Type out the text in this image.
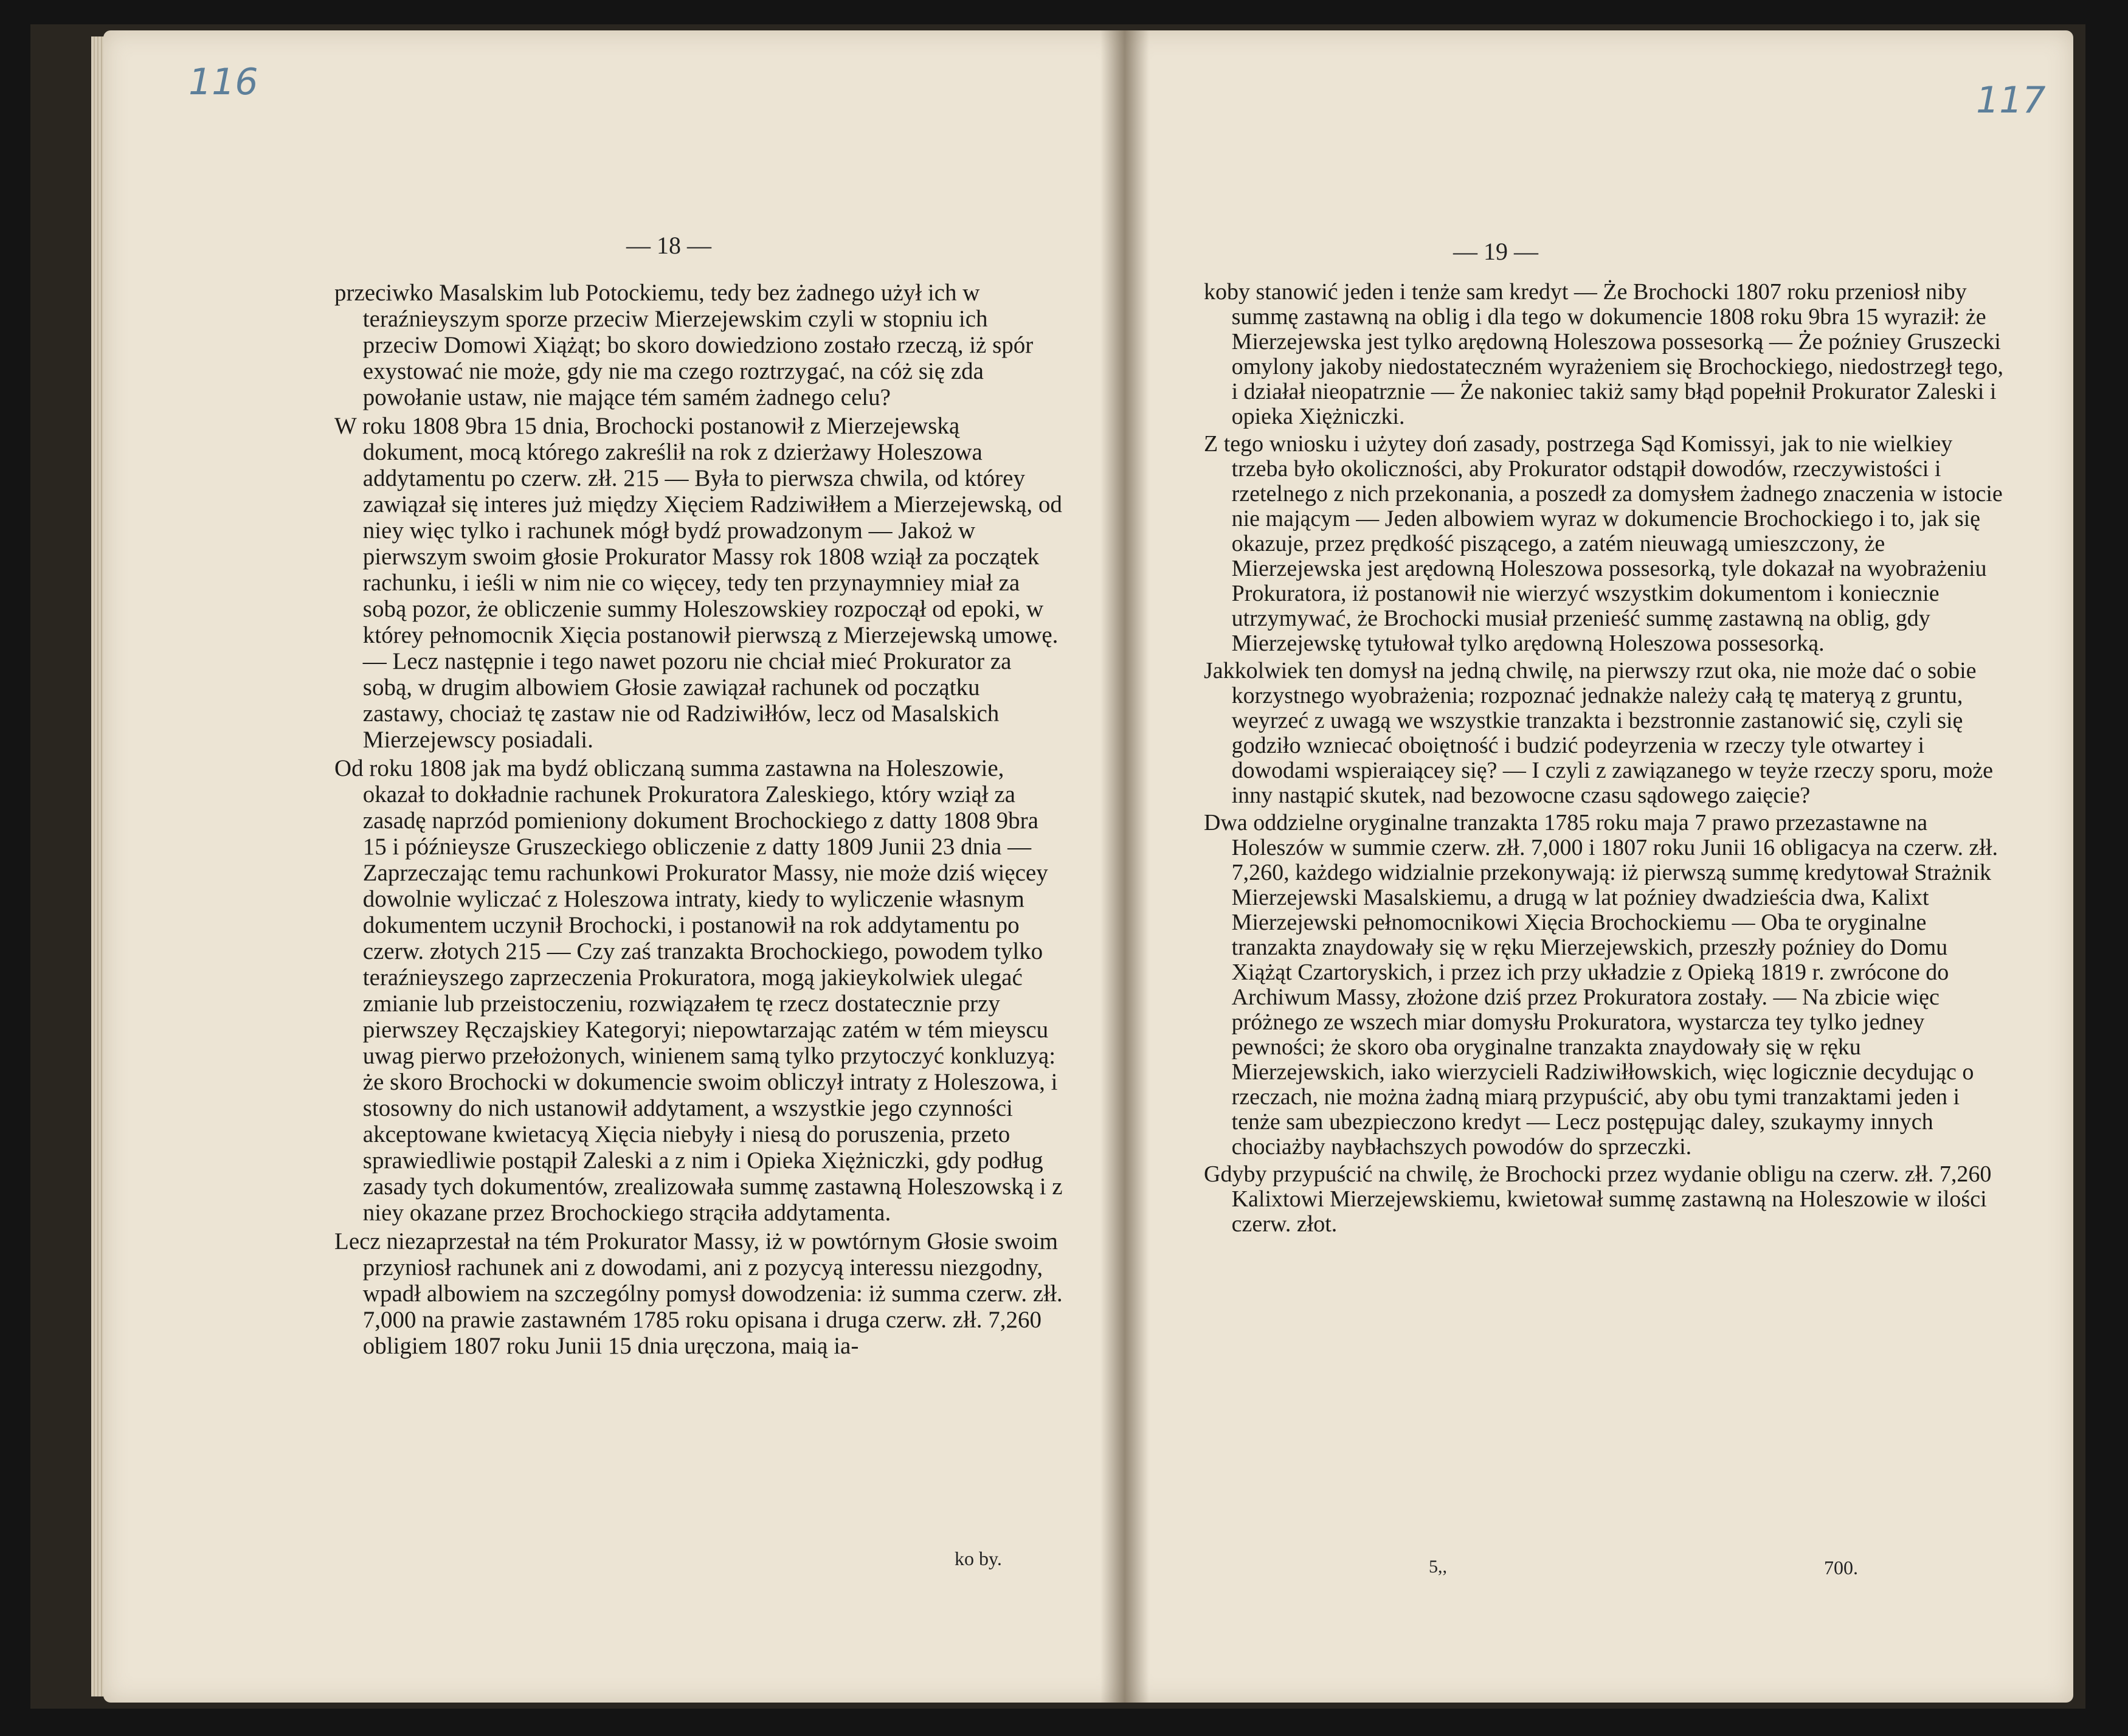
116
— 18 —

przeciwko Masalskim lub Potockiemu, tedy bez żadnego użył ich w teraźnieyszym sporze przeciw Mierzejewskim czyli w stopniu ich przeciw Domowi Xiążąt; bo skoro dowiedziono zostało rzeczą, iż spór exystować nie może, gdy nie ma czego roztrzygać, na cóż się zda powołanie ustaw, nie mające tém samém żadnego celu?

W roku 1808 9bra 15 dnia, Brochocki postanowił z Mierzejewską dokument, mocą którego zakreślił na rok z dzierżawy Holeszowa addytamentu po czerw. złł. 215 — Była to pierwsza chwila, od którey zawiązał się interes już między Xięciem Radziwiłłem a Mierzejewską, od niey więc tylko i rachunek mógł bydź prowadzonym — Jakoż w pierwszym swoim głosie Prokurator Massy rok 1808 wziął za początek rachunku, i ieśli w nim nie co więcey, tedy ten przynaymniey miał za sobą pozor, że obliczenie summy Holeszowskiey rozpoczął od epoki, w którey pełnomocnik Xięcia postanowił pierwszą z Mierzejewską umowę. — Lecz następnie i tego nawet pozoru nie chciał mieć Prokurator za sobą, w drugim albowiem Głosie zawiązał rachunek od początku zastawy, chociaż tę zastaw nie od Radziwiłłów, lecz od Masalskich Mierzejewscy posiadali.

Od roku 1808 jak ma bydź obliczaną summa zastawna na Holeszowie, okazał to dokładnie rachunek Prokuratora Zaleskiego, który wziął za zasadę naprzód pomieniony dokument Brochockiego z datty 1808 9bra 15 i późnieysze Gruszeckiego obliczenie z datty 1809 Junii 23 dnia — Zaprzeczając temu rachunkowi Prokurator Massy, nie może dziś więcey dowolnie wyliczać z Holeszowa intraty, kiedy to wyliczenie własnym dokumentem uczynił Brochocki, i postanowił na rok addytamentu po czerw. złotych 215 — Czy zaś tranzakta Brochockiego, powodem tylko teraźnieyszego zaprzeczenia Prokuratora, mogą jakieykolwiek ulegać zmianie lub przeistoczeniu, rozwiązałem tę rzecz dostatecznie przy pierwszey Ręczajskiey Kategoryi; niepowtarzając zatém w tém mieyscu uwag pierwo przełożonych, winienem samą tylko przytoczyć konkluzyą: że skoro Brochocki w dokumencie swoim obliczył intraty z Holeszowa, i stosowny do nich ustanowił addytament, a wszystkie jego czynności akceptowane kwietacyą Xięcia niebyły i niesą do poruszenia, przeto sprawiedliwie postąpił Zaleski a z nim i Opieka Xiężniczki, gdy podług zasady tych dokumentów, zrealizowała summę zastawną Holeszowską i z niey okazane przez Brochockiego strąciła addytamenta.

Lecz niezaprzestał na tém Prokurator Massy, iż w powtórnym Głosie swoim przyniosł rachunek ani z dowodami, ani z pozycyą interessu niezgodny, wpadł albowiem na szczególny pomysł dowodzenia: iż summa czerw. złł. 7,000 na prawie zastawném 1785 roku opisana i druga czerw. złł. 7,260 obligiem 1807 roku Junii 15 dnia uręczona, maią ia-

ko by.
117
— 19 —

koby stanowić jeden i tenże sam kredyt — Że Brochocki 1807 roku przeniosł niby summę zastawną na oblig i dla tego w dokumencie 1808 roku 9bra 15 wyraził: że Mierzejewska jest tylko arędowną Holeszowa possesorką — Że poźniey Gruszecki omylony jakoby niedostateczném wyrażeniem się Brochockiego, niedostrzegł tego, i działał nieopatrznie — Że nakoniec takiż samy błąd popełnił Prokurator Zaleski i opieka Xiężniczki.

Z tego wniosku i użytey doń zasady, postrzega Sąd Komissyi, jak to nie wielkiey trzeba było okoliczności, aby Prokurator odstąpił dowodów, rzeczywistości i rzetelnego z nich przekonania, a poszedł za domysłem żadnego znaczenia w istocie nie mającym — Jeden albowiem wyraz w dokumencie Brochockiego i to, jak się okazuje, przez prędkość piszącego, a zatém nieuwagą umieszczony, że Mierzejewska jest arędowną Holeszowa possesorką, tyle dokazał na wyobrażeniu Prokuratora, iż postanowił nie wierzyć wszystkim dokumentom i koniecznie utrzymywać, że Brochocki musiał przenieść summę zastawną na oblig, gdy Mierzejewskę tytułował tylko arędowną Holeszowa possesorką.

Jakkolwiek ten domysł na jedną chwilę, na pierwszy rzut oka, nie może dać o sobie korzystnego wyobrażenia; rozpoznać jednakże należy całą tę materyą z gruntu, weyrzeć z uwagą we wszystkie tranzakta i bezstronnie zastanowić się, czyli się godziło wzniecać oboiętność i budzić podeyrzenia w rzeczy tyle otwartey i dowodami wspieraiącey się? — I czyli z zawiązanego w teyże rzeczy sporu, może inny nastąpić skutek, nad bezowocne czasu sądowego zaięcie?

Dwa oddzielne oryginalne tranzakta 1785 roku maja 7 prawo przezastawne na Holeszów w summie czerw. złł. 7,000 i 1807 roku Junii 16 obligacya na czerw. złł. 7,260, każdego widzialnie przekonywają: iż pierwszą summę kredytował Strażnik Mierzejewski Masalskiemu, a drugą w lat poźniey dwadzieścia dwa, Kalixt Mierzejewski pełnomocnikowi Xięcia Brochockiemu — Oba te oryginalne tranzakta znaydowały się w ręku Mierzejewskich, przeszły poźniey do Domu Xiążąt Czartoryskich, i przez ich przy układzie z Opieką 1819 r. zwrócone do Archiwum Massy, złożone dziś przez Prokuratora zostały. — Na zbicie więc próżnego ze wszech miar domysłu Prokuratora, wystarcza tey tylko jedney pewności; że skoro oba oryginalne tranzakta znaydowały się w ręku Mierzejewskich, iako wierzycieli Radziwiłłowskich, więc logicznie decydując o rzeczach, nie można żadną miarą przypuścić, aby obu tymi tranzaktami jeden i tenże sam ubezpieczono kredyt — Lecz postępując daley, szukaymy innych chociażby naybłachszych powodów do sprzeczki.

Gdyby przypuścić na chwilę, że Brochocki przez wydanie obligu na czerw. złł. 7,260 Kalixtowi Mierzejewskiemu, kwietował summę zastawną na Holeszowie w ilości czerw. złot.

5,,	700.
